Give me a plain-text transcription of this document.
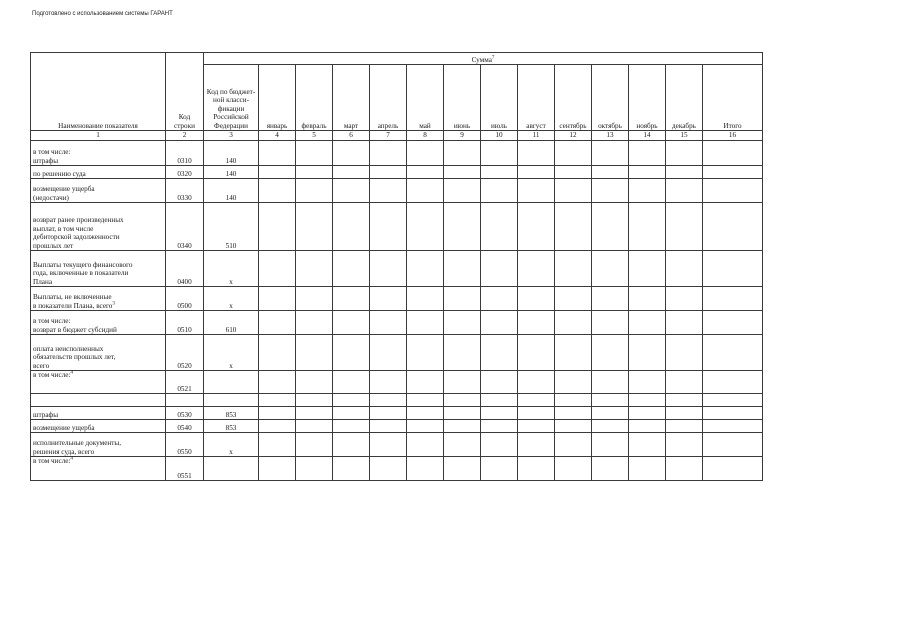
Подготовлено с использованием системы ГАРАНТ
Наименование показателя	Код строки	Сумма$^7$
		Код по бюджет-ной класси-фикации Российской Федерации	январь	февраль	март	апрель	май	июнь	июль	август	сентябрь	октябрь	ноябрь	декабрь	Итого
1	2	3	4	5	6	7	8	9	10	11	12	13	14	15	16
в том числе:
штрафы	0310	140													
по решению суда	0320	140													
возмещение ущерба
(недостачи)	0330	140													
возврат ранее произведенных
выплат, в том числе
дебиторской задолженности
прошлых лет	0340	510													
Выплаты текущего финансового
года, включенные в показатели
Плана	0400	х													
Выплаты, не включенные
в показатели Плана, всего$^3$	0500	х													
в том числе:
возврат в бюджет субсидий	0510	610													
оплата неисполненных
обязательств прошлых лет,
всего	0520	х													
в том числе:$^4$	0521														

штрафы	0530	853													
возмещение ущерба	0540	853													
исполнительные документы,
решения суда, всего	0550	х													
в том числе:$^4$	0551														
